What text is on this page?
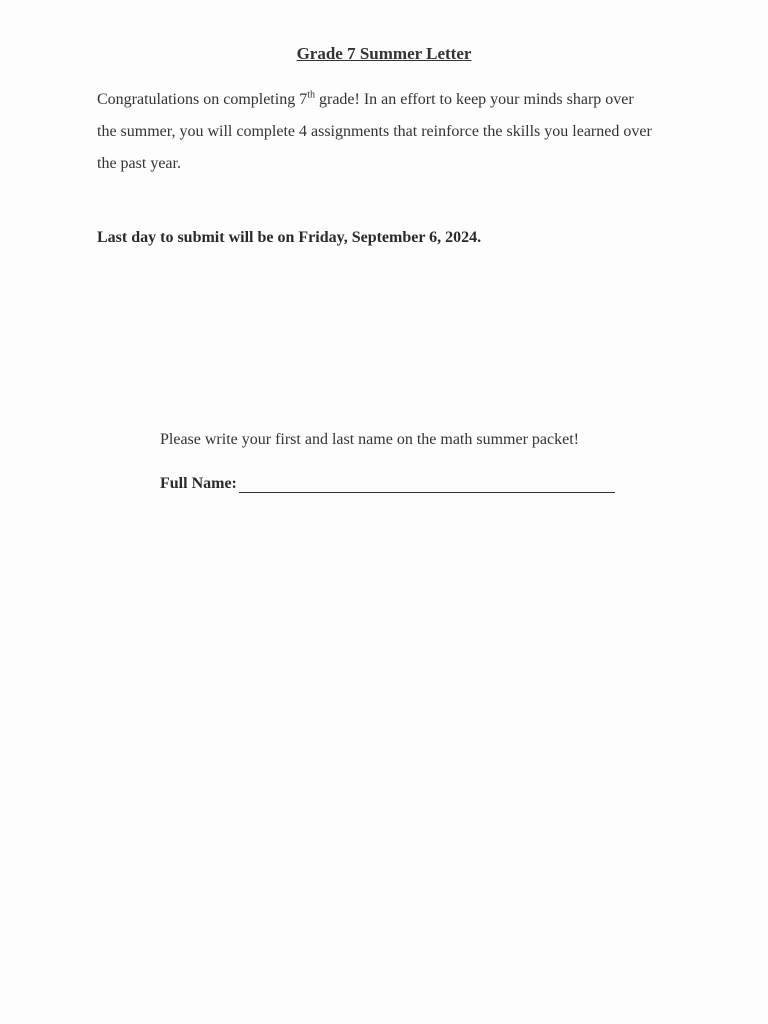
Grade 7 Summer Letter
Congratulations on completing 7th grade! In an effort to keep your minds sharp over the summer, you will complete 4 assignments that reinforce the skills you learned over the past year.
Last day to submit will be on Friday, September 6, 2024.
Please write your first and last name on the math summer packet!
Full Name:
